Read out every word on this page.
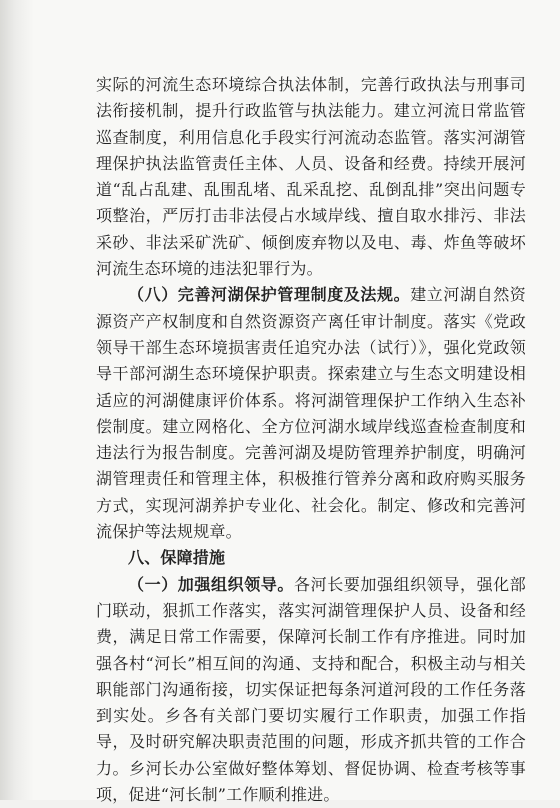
实际的河流生态环境综合执法体制，完善行政执法与刑事司法衔接机制，提升行政监管与执法能力。建立河流日常监管巡查制度，利用信息化手段实行河流动态监管。落实河湖管理保护执法监管责任主体、人员、设备和经费。持续开展河道“乱占乱建、乱围乱堵、乱采乱挖、乱倒乱排”突出问题专项整治，严厉打击非法侵占水域岸线、擅自取水排污、非法采砂、非法采矿洗矿、倾倒废弃物以及电、毒、炸鱼等破坏河流生态环境的违法犯罪行为。

（八）完善河湖保护管理制度及法规。建立河湖自然资源资产产权制度和自然资源资产离任审计制度。落实《党政领导干部生态环境损害责任追究办法（试行）》，强化党政领导干部河湖生态环境保护职责。探索建立与生态文明建设相适应的河湖健康评价体系。将河湖管理保护工作纳入生态补偿制度。建立网格化、全方位河湖水域岸线巡查检查制度和违法行为报告制度。完善河湖及堤防管理养护制度，明确河湖管理责任和管理主体，积极推行管养分离和政府购买服务方式，实现河湖养护专业化、社会化。制定、修改和完善河流保护等法规规章。

八、保障措施

（一）加强组织领导。各河长要加强组织领导，强化部门联动，狠抓工作落实，落实河湖管理保护人员、设备和经费，满足日常工作需要，保障河长制工作有序推进。同时加强各村“河长”相互间的沟通、支持和配合，积极主动与相关职能部门沟通衔接，切实保证把每条河道河段的工作任务落到实处。乡各有关部门要切实履行工作职责，加强工作指导，及时研究解决职责范围的问题，形成齐抓共管的工作合力。乡河长办公室做好整体筹划、督促协调、检查考核等事项，促进“河长制”工作顺利推进。
